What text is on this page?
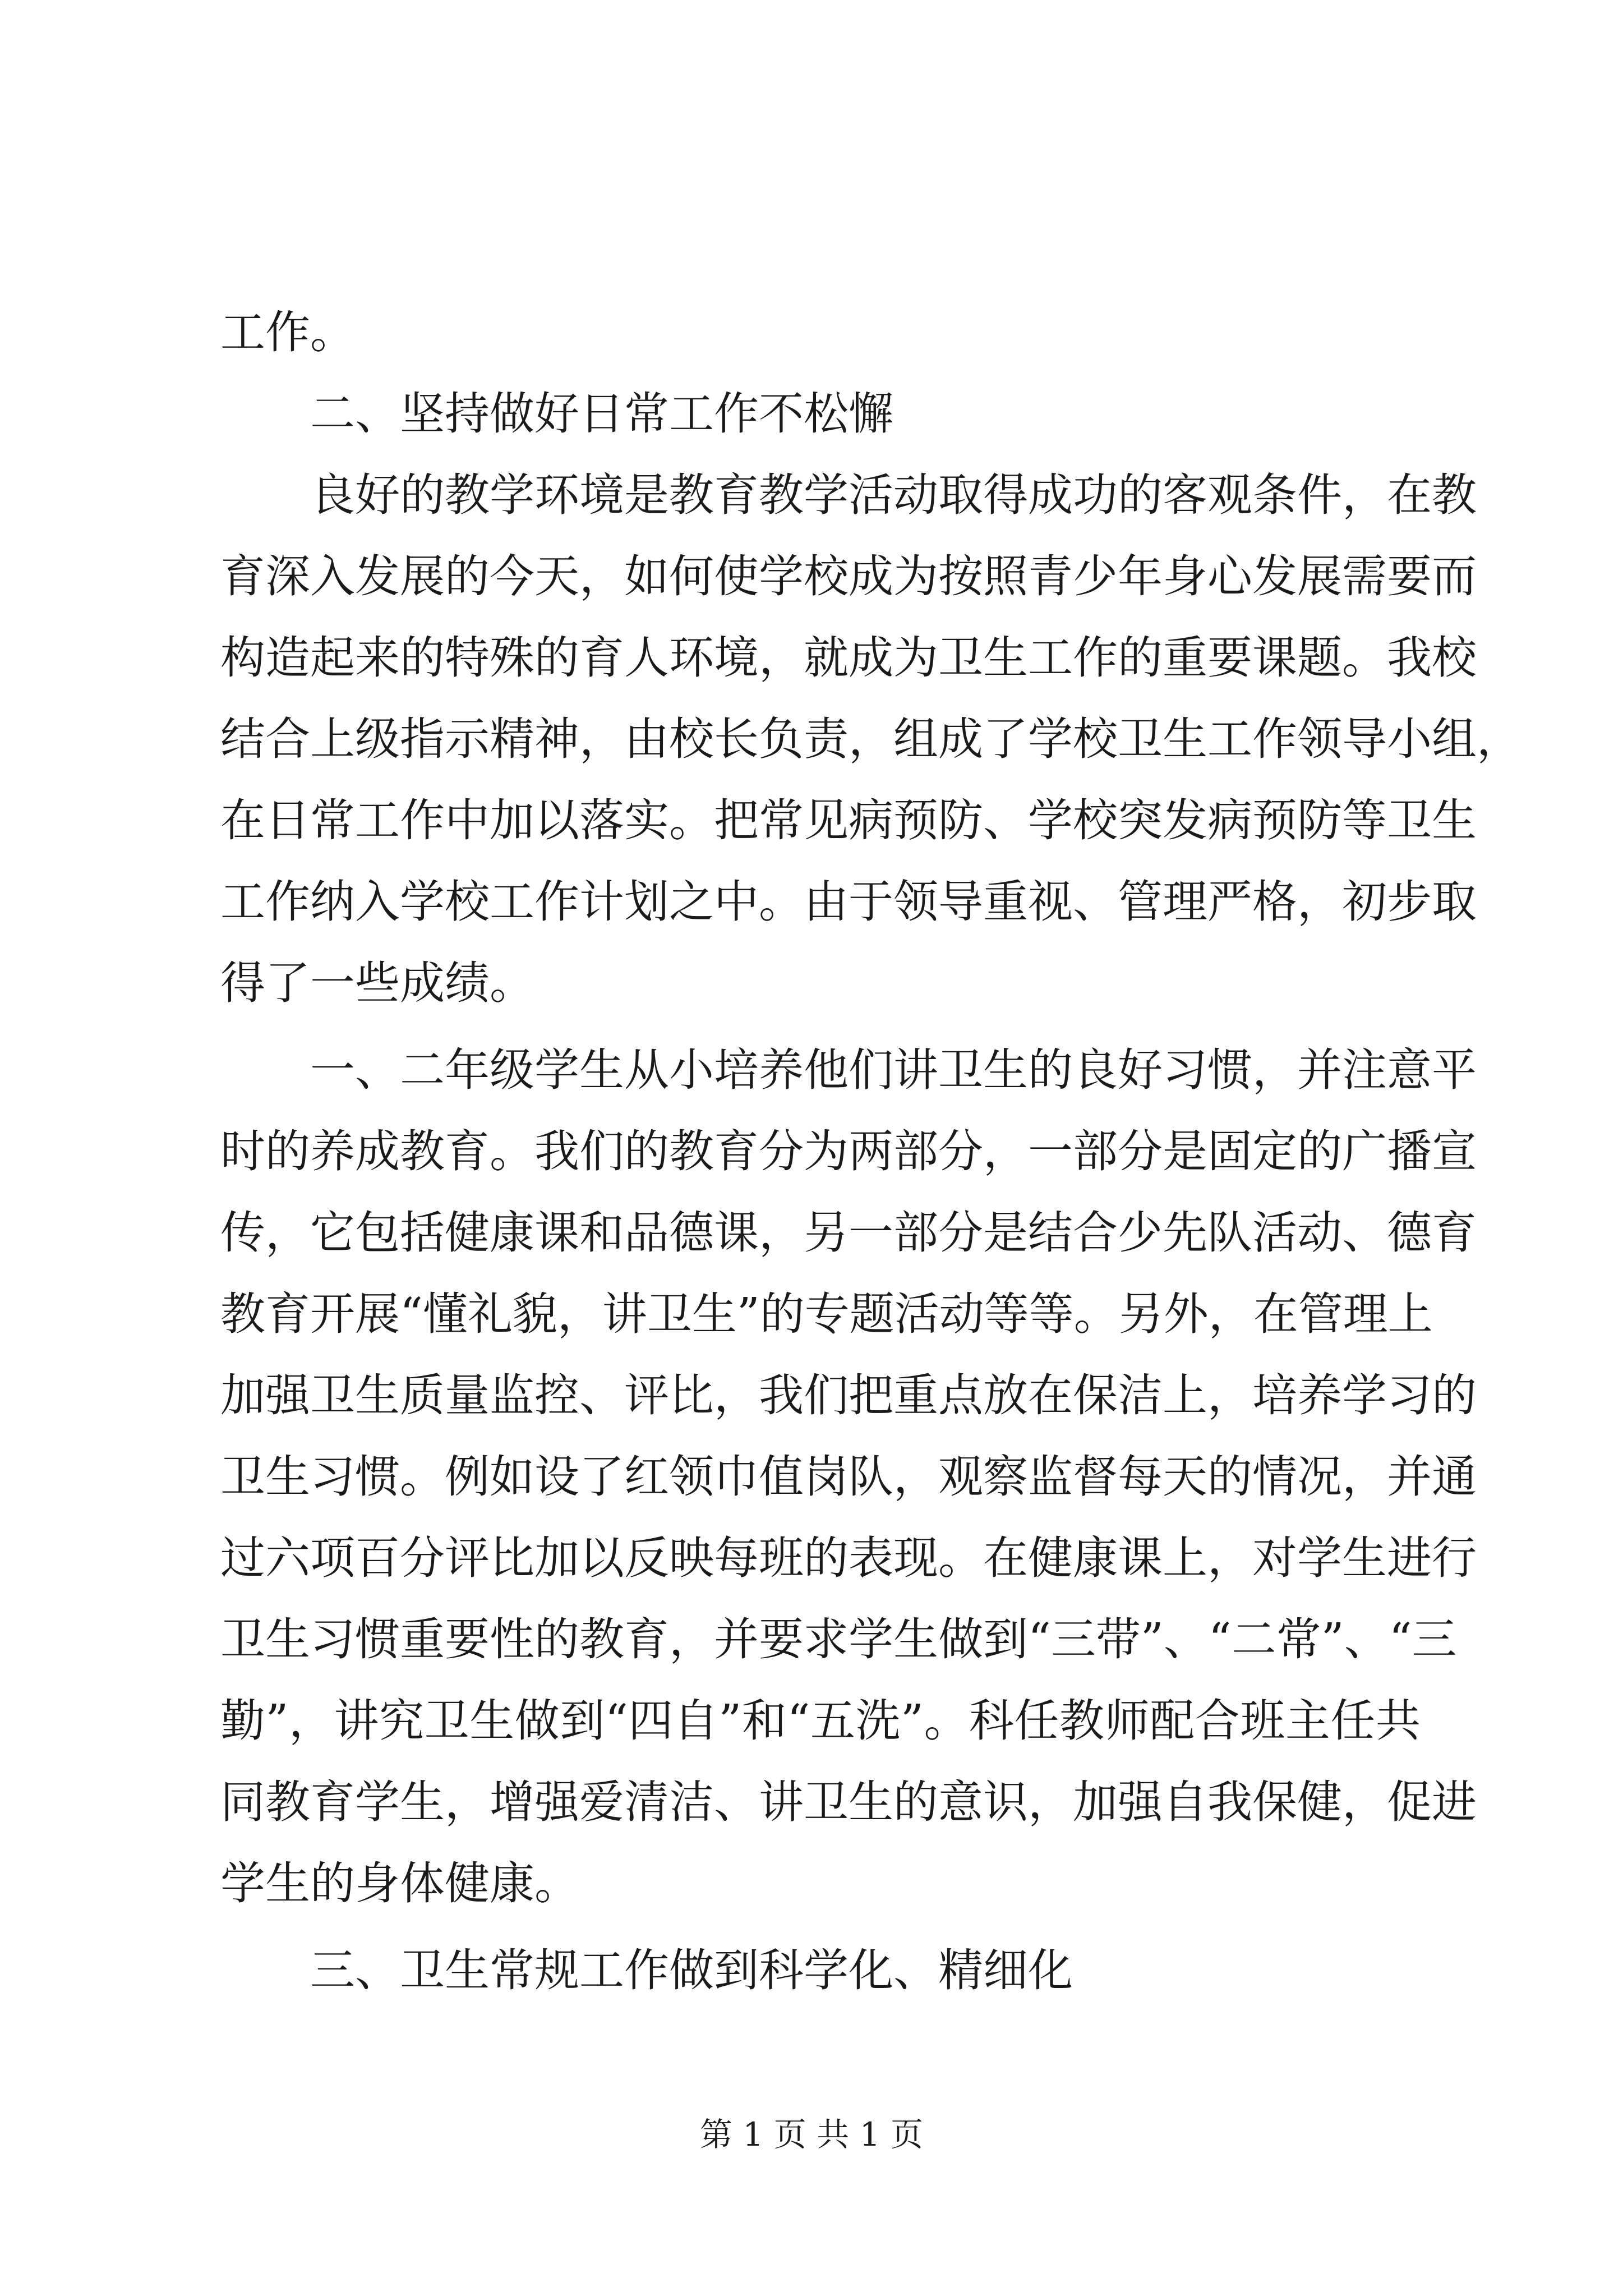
工作。
二、坚持做好日常工作不松懈
良好的教学环境是教育教学活动取得成功的客观条件，在教
育深入发展的今天，如何使学校成为按照青少年身心发展需要而
构造起来的特殊的育人环境，就成为卫生工作的重要课题。我校
结合上级指示精神，由校长负责，组成了学校卫生工作领导小组，
在日常工作中加以落实。把常见病预防、学校突发病预防等卫生
工作纳入学校工作计划之中。由于领导重视、管理严格，初步取
得了一些成绩。
一、二年级学生从小培养他们讲卫生的良好习惯，并注意平
时的养成教育。我们的教育分为两部分，一部分是固定的广播宣
传，它包括健康课和品德课，另一部分是结合少先队活动、德育
教育开展“懂礼貌，讲卫生”的专题活动等等。另外，在管理上
加强卫生质量监控、评比，我们把重点放在保洁上，培养学习的
卫生习惯。例如设了红领巾值岗队，观察监督每天的情况，并通
过六项百分评比加以反映每班的表现。在健康课上，对学生进行
卫生习惯重要性的教育，并要求学生做到“三带”、“二常”、“三
勤”，讲究卫生做到“四自”和“五洗”。科任教师配合班主任共
同教育学生，增强爱清洁、讲卫生的意识，加强自我保健，促进
学生的身体健康。
三、卫生常规工作做到科学化、精细化
第 1 页 共 1 页
